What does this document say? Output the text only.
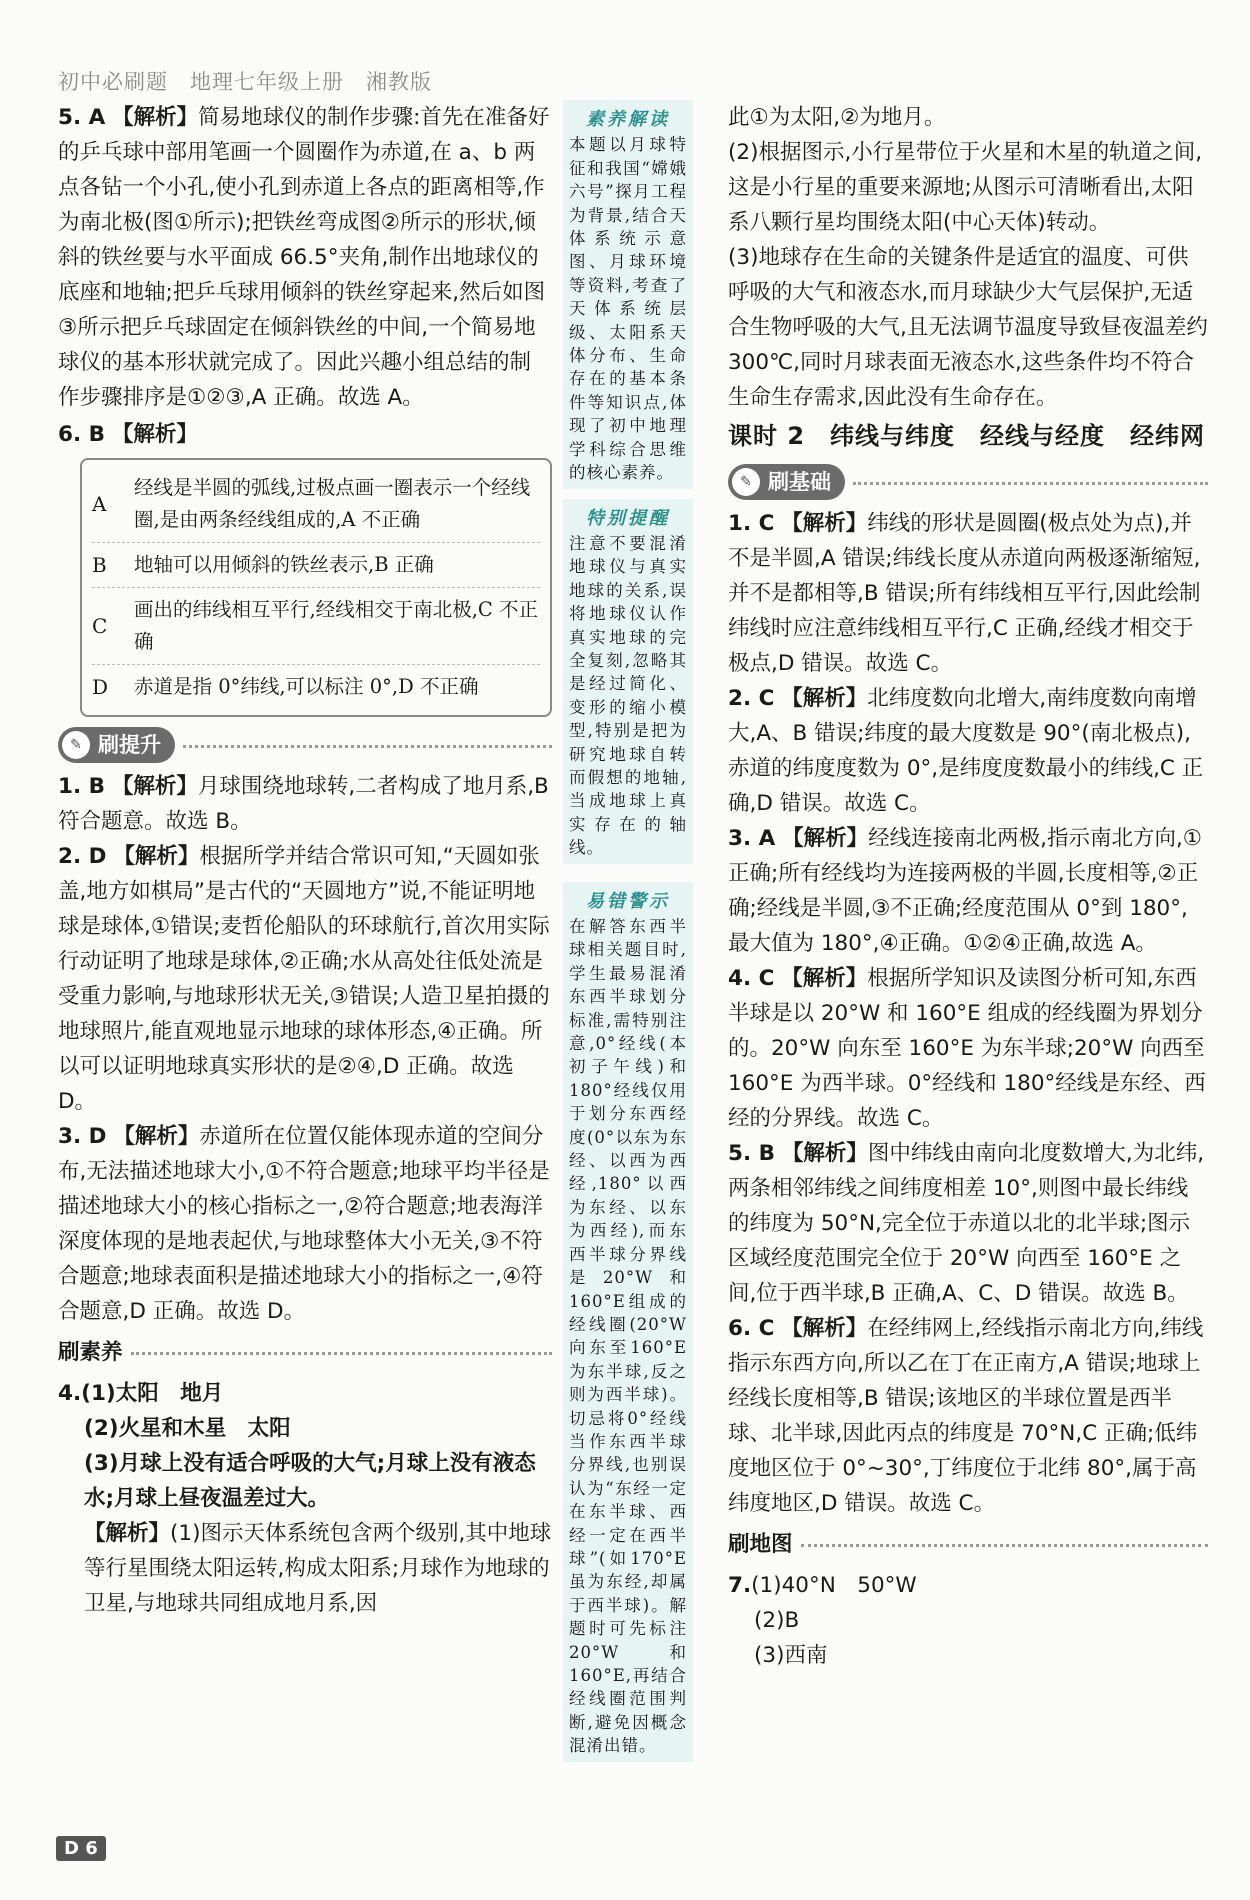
初中必刷题　地理七年级上册　湘教版

5. A 【解析】简易地球仪的制作步骤:首先在准备好的乒乓球中部用笔画一个圆圈作为赤道,在 a、b 两点各钻一个小孔,使小孔到赤道上各点的距离相等,作为南北极(图①所示);把铁丝弯成图②所示的形状,倾斜的铁丝要与水平面成 66.5°夹角,制作出地球仪的底座和地轴;把乒乓球用倾斜的铁丝穿起来,然后如图③所示把乒乓球固定在倾斜铁丝的中间,一个简易地球仪的基本形状就完成了。因此兴趣小组总结的制作步骤排序是①②③,A 正确。故选 A。

6. B 【解析】

A
经线是半圆的弧线,过极点画一圈表示一个经线圈,是由两条经线组成的,A 不正确
B	地轴可以用倾斜的铁丝表示,B 正确
C
画出的纬线相互平行,经线相交于南北极,C 不正确
D	赤道是指 0°纬线,可以标注 0°,D 不正确
✎ 刷提升

1. B 【解析】月球围绕地球转,二者构成了地月系,B 符合题意。故选 B。

2. D 【解析】根据所学并结合常识可知,“天圆如张盖,地方如棋局”是古代的“天圆地方”说,不能证明地球是球体,①错误;麦哲伦船队的环球航行,首次用实际行动证明了地球是球体,②正确;水从高处往低处流是受重力影响,与地球形状无关,③错误;人造卫星拍摄的地球照片,能直观地显示地球的球体形态,④正确。所以可以证明地球真实形状的是②④,D 正确。故选 D。

3. D 【解析】赤道所在位置仅能体现赤道的空间分布,无法描述地球大小,①不符合题意;地球平均半径是描述地球大小的核心指标之一,②符合题意;地表海洋深度体现的是地表起伏,与地球整体大小无关,③不符合题意;地球表面积是描述地球大小的指标之一,④符合题意,D 正确。故选 D。

刷素养

4.(1)太阳　地月

(2)火星和木星　太阳

(3)月球上没有适合呼吸的大气;月球上没有液态水;月球上昼夜温差过大。

【解析】(1)图示天体系统包含两个级别,其中地球等行星围绕太阳运转,构成太阳系;月球作为地球的卫星,与地球共同组成地月系,因

素养解读
本题以月球特征和我国“嫦娥六号”探月工程为背景,结合天体系统示意图、月球环境等资料,考查了天体系统层级、太阳系天体分布、生命存在的基本条件等知识点,体现了初中地理学科综合思维的核心素养。
特别提醒
注意不要混淆地球仪与真实地球的关系,误将地球仪认作真实地球的完全复刻,忽略其是经过简化、变形的缩小模型,特别是把为研究地球自转而假想的地轴,当成地球上真实存在的轴线。
易错警示
在解答东西半球相关题目时,学生最易混淆东西半球划分标准,需特别注意,0°经线(本初子午线)和180°经线仅用于划分东西经度(0°以东为东经、以西为西经,180°以西为东经、以东为西经),而东西半球分界线是20°W和160°E组成的经线圈(20°W向东至160°E为东半球,反之则为西半球)。切忌将0°经线当作东西半球分界线,也别误认为“东经一定在东半球、西经一定在西半球”(如170°E虽为东经,却属于西半球)。解题时可先标注20°W和160°E,再结合经线圈范围判断,避免因概念混淆出错。

此①为太阳,②为地月。

(2)根据图示,小行星带位于火星和木星的轨道之间,这是小行星的重要来源地;从图示可清晰看出,太阳系八颗行星均围绕太阳(中心天体)转动。

(3)地球存在生命的关键条件是适宜的温度、可供呼吸的大气和液态水,而月球缺少大气层保护,无适合生物呼吸的大气,且无法调节温度导致昼夜温差约 300℃,同时月球表面无液态水,这些条件均不符合生命生存需求,因此没有生命存在。

课时 2　纬线与纬度　经线与经度　经纬网
✎ 刷基础

1. C 【解析】纬线的形状是圆圈(极点处为点),并不是半圆,A 错误;纬线长度从赤道向两极逐渐缩短,并不是都相等,B 错误;所有纬线相互平行,因此绘制纬线时应注意纬线相互平行,C 正确,经线才相交于极点,D 错误。故选 C。

2. C 【解析】北纬度数向北增大,南纬度数向南增大,A、B 错误;纬度的最大度数是 90°(南北极点),赤道的纬度度数为 0°,是纬度度数最小的纬线,C 正确,D 错误。故选 C。

3. A 【解析】经线连接南北两极,指示南北方向,①正确;所有经线均为连接两极的半圆,长度相等,②正确;经线是半圆,③不正确;经度范围从 0°到 180°,最大值为 180°,④正确。①②④正确,故选 A。

4. C 【解析】根据所学知识及读图分析可知,东西半球是以 20°W 和 160°E 组成的经线圈为界划分的。20°W 向东至 160°E 为东半球;20°W 向西至 160°E 为西半球。0°经线和 180°经线是东经、西经的分界线。故选 C。

5. B 【解析】图中纬线由南向北度数增大,为北纬,两条相邻纬线之间纬度相差 10°,则图中最长纬线的纬度为 50°N,完全位于赤道以北的北半球;图示区域经度范围完全位于 20°W 向西至 160°E 之间,位于西半球,B 正确,A、C、D 错误。故选 B。

6. C 【解析】在经纬网上,经线指示南北方向,纬线指示东西方向,所以乙在丁在正南方,A 错误;地球上经线长度相等,B 错误;该地区的半球位置是西半球、北半球,因此丙点的纬度是 70°N,C 正确;低纬度地区位于 0°~30°,丁纬度位于北纬 80°,属于高纬度地区,D 错误。故选 C。

刷地图

7.(1)40°N　50°W

(2)B

(3)西南

D 6
